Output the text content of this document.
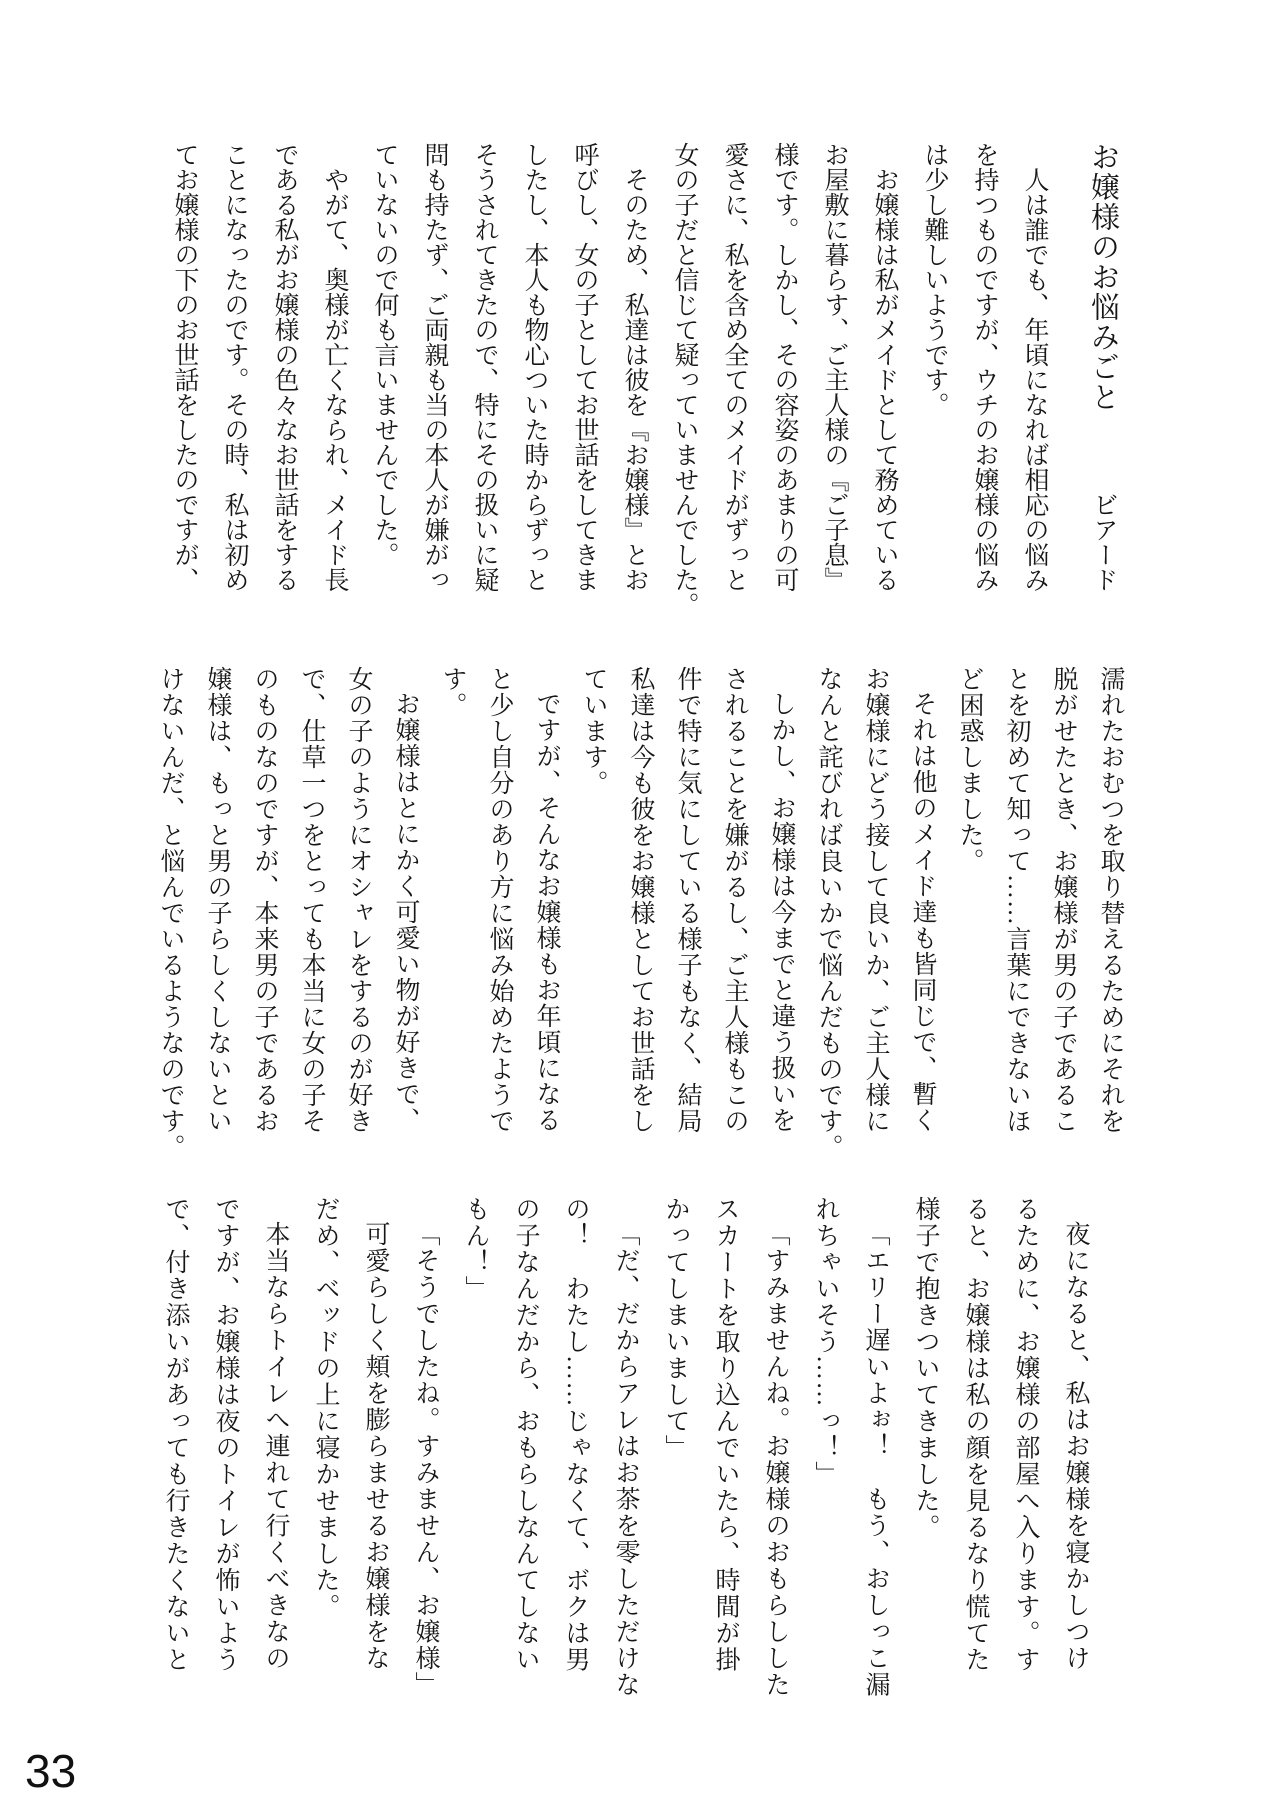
お嬢様のお悩みごとビアード
人は誰でも、年頃になれば相応の悩み
を持つものですが、ウチのお嬢様の悩み
は少し難しいようです。
お嬢様は私がメイドとして務めている
お屋敷に暮らす、ご主人様の『ご子息』
様です。しかし、その容姿のあまりの可
愛さに、私を含め全てのメイドがずっと
女の子だと信じて疑っていませんでした。
そのため、私達は彼を『お嬢様』とお
呼びし、女の子としてお世話をしてきま
したし、本人も物心ついた時からずっと
そうされてきたので、特にその扱いに疑
問も持たず、ご両親も当の本人が嫌がっ
ていないので何も言いませんでした。
やがて、奥様が亡くなられ、メイド長
である私がお嬢様の色々なお世話をする
ことになったのです。その時、私は初め
てお嬢様の下のお世話をしたのですが、
濡れたおむつを取り替えるためにそれを
脱がせたとき、お嬢様が男の子であるこ
とを初めて知って……言葉にできないほ
ど困惑しました。
それは他のメイド達も皆同じで、暫く
お嬢様にどう接して良いか、ご主人様に
なんと詫びれば良いかで悩んだものです。
しかし、お嬢様は今までと違う扱いを
されることを嫌がるし、ご主人様もこの
件で特に気にしている様子もなく、結局
私達は今も彼をお嬢様としてお世話をし
ています。
ですが、そんなお嬢様もお年頃になる
と少し自分のあり方に悩み始めたようで
す。
お嬢様はとにかく可愛い物が好きで、
女の子のようにオシャレをするのが好き
で、仕草一つをとっても本当に女の子そ
のものなのですが、本来男の子であるお
嬢様は、もっと男の子らしくしないとい
けないんだ、と悩んでいるようなのです。
夜になると、私はお嬢様を寝かしつけ
るために、お嬢様の部屋へ入ります。す
ると、お嬢様は私の顔を見るなり慌てた
様子で抱きついてきました。
「エリー遅いよぉ！　もう、おしっこ漏
れちゃいそう……っ！」
「すみませんね。お嬢様のおもらしした
スカートを取り込んでいたら、時間が掛
かってしまいまして」
「だ、だからアレはお茶を零しただけな
の！　わたし……じゃなくて、ボクは男
の子なんだから、おもらしなんてしない
もん！」
「そうでしたね。すみません、お嬢様」
可愛らしく頬を膨らませるお嬢様をな
だめ、ベッドの上に寝かせました。
本当ならトイレへ連れて行くべきなの
ですが、お嬢様は夜のトイレが怖いよう
で、付き添いがあっても行きたくないと
33
